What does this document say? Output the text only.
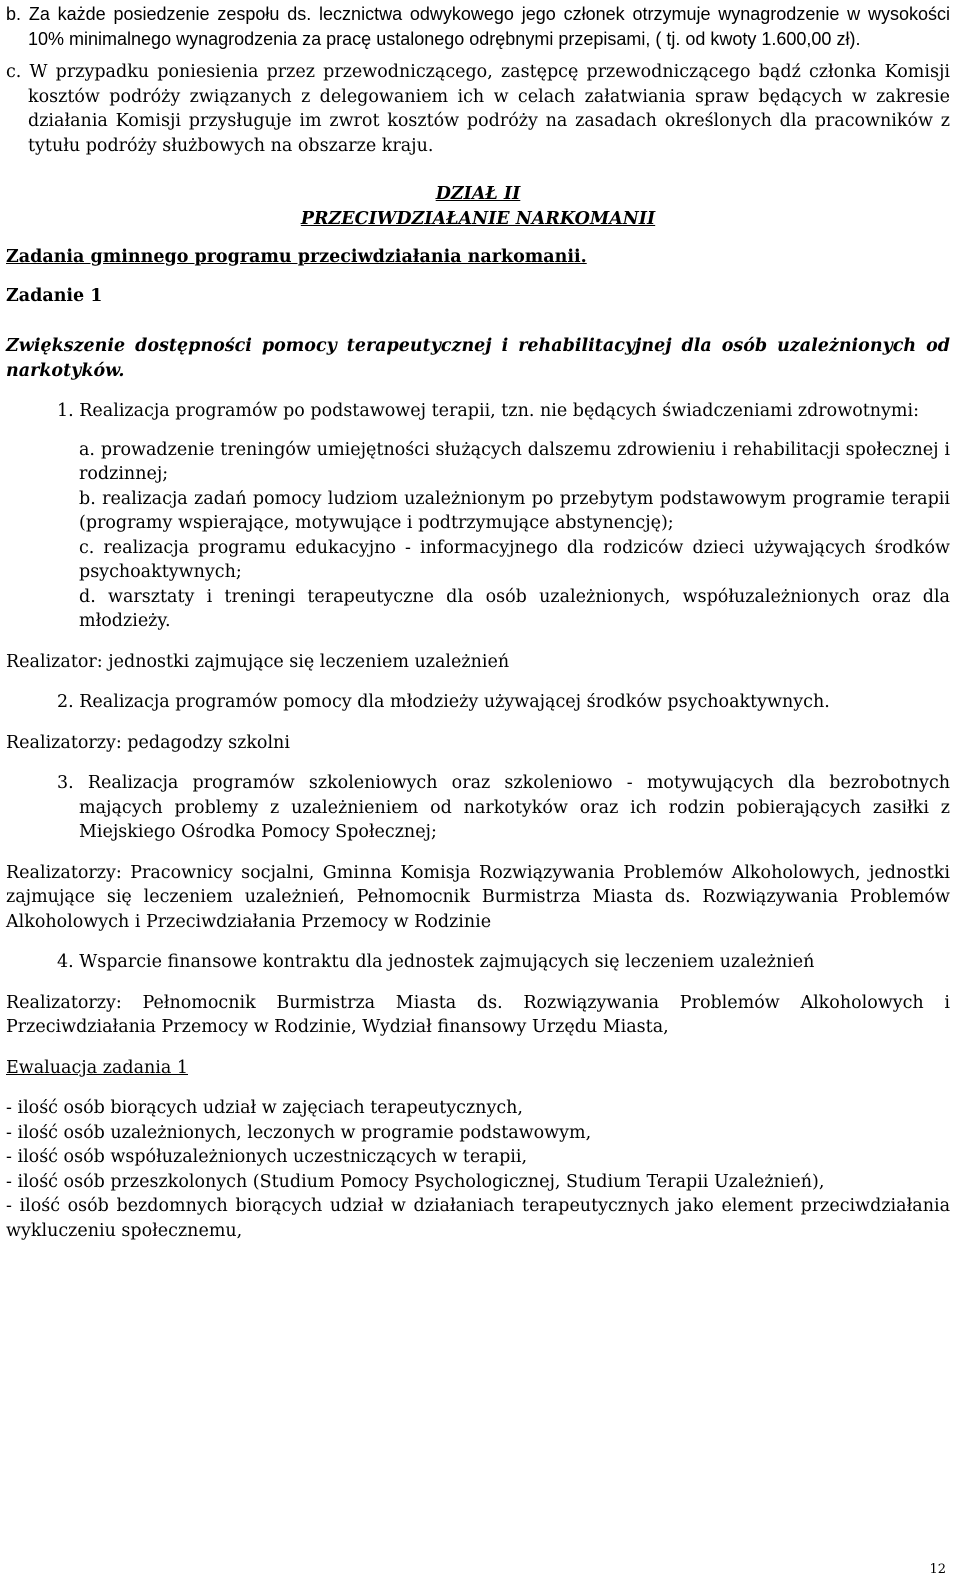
b. Za każde posiedzenie zespołu ds. lecznictwa odwykowego jego członek otrzymuje wynagrodzenie w wysokości 10% minimalnego wynagrodzenia za pracę ustalonego odrębnymi przepisami, ( tj. od kwoty 1.600,00 zł).

c. W przypadku poniesienia przez przewodniczącego, zastępcę przewodniczącego bądź członka Komisji kosztów podróży związanych z delegowaniem ich w celach załatwiania spraw będących w zakresie działania Komisji przysługuje im zwrot kosztów podróży na zasadach określonych dla pracowników z tytułu podróży służbowych na obszarze kraju.

DZIAŁ II

PRZECIWDZIAŁANIE NARKOMANII

Zadania gminnego programu przeciwdziałania narkomanii.

Zadanie 1

Zwiększenie dostępności pomocy terapeutycznej i rehabilitacyjnej dla osób uzależnionych od narkotyków.

1. Realizacja programów po podstawowej terapii, tzn. nie będących świadczeniami zdrowotnymi:

a. prowadzenie treningów umiejętności służących dalszemu zdrowieniu i rehabilitacji społecznej i rodzinnej;

b. realizacja zadań pomocy ludziom uzależnionym po przebytym podstawowym programie terapii (programy wspierające, motywujące i podtrzymujące abstynencję);

c. realizacja programu edukacyjno - informacyjnego dla rodziców dzieci używających środków psychoaktywnych;

d. warsztaty i treningi terapeutyczne dla osób uzależnionych, współuzależnionych oraz dla młodzieży.

Realizator: jednostki zajmujące się leczeniem uzależnień

2. Realizacja programów pomocy dla młodzieży używającej środków psychoaktywnych.

Realizatorzy: pedagodzy szkolni

3. Realizacja programów szkoleniowych oraz szkoleniowo - motywujących dla bezrobotnych mających problemy z uzależnieniem od narkotyków oraz ich rodzin pobierających zasiłki z Miejskiego Ośrodka Pomocy Społecznej;

Realizatorzy: Pracownicy socjalni, Gminna Komisja Rozwiązywania Problemów Alkoholowych, jednostki zajmujące się leczeniem uzależnień, Pełnomocnik Burmistrza Miasta ds. Rozwiązywania Problemów Alkoholowych i Przeciwdziałania Przemocy w Rodzinie

4. Wsparcie finansowe kontraktu dla jednostek zajmujących się leczeniem uzależnień

Realizatorzy: Pełnomocnik Burmistrza Miasta ds. Rozwiązywania Problemów Alkoholowych i Przeciwdziałania Przemocy w Rodzinie, Wydział finansowy Urzędu Miasta,

Ewaluacja zadania 1

- ilość osób biorących udział w zajęciach terapeutycznych,

- ilość osób uzależnionych, leczonych w programie podstawowym,

- ilość osób współuzależnionych uczestniczących w terapii,

- ilość osób przeszkolonych (Studium Pomocy Psychologicznej, Studium Terapii Uzależnień),

- ilość osób bezdomnych biorących udział w działaniach terapeutycznych jako element przeciwdziałania wykluczeniu społecznemu,

12
